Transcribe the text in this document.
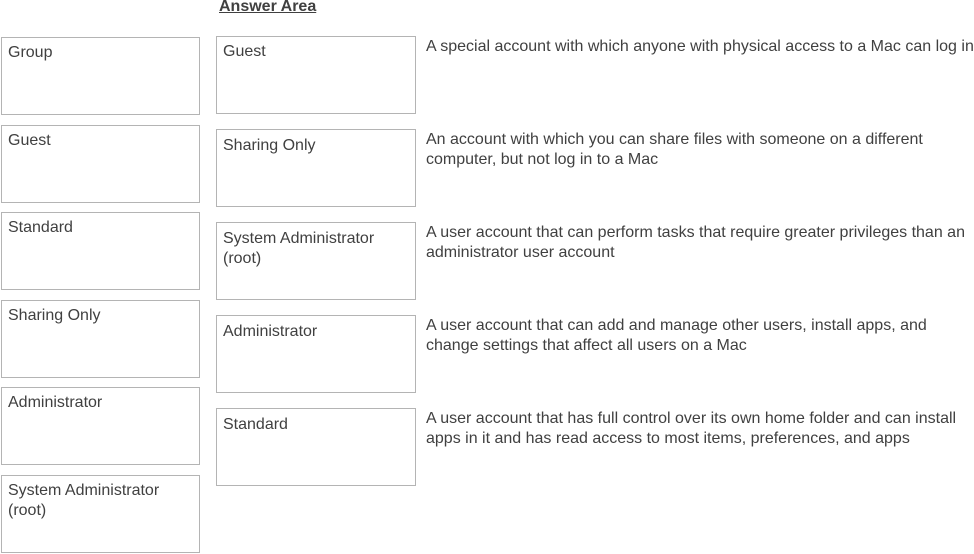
Answer Area
Group
Guest
Standard
Sharing Only
Administrator
System Administrator (root)
Guest
Sharing Only
System Administrator (root)
Administrator
Standard
A special account with which anyone with physical access to a Mac can log in
An account with which you can share files with someone on a different computer, but not log in to a Mac
A user account that can perform tasks that require greater privileges than an administrator user account
A user account that can add and manage other users, install apps, and change settings that affect all users on a Mac
A user account that has full control over its own home folder and can install apps in it and has read access to most items, preferences, and apps
